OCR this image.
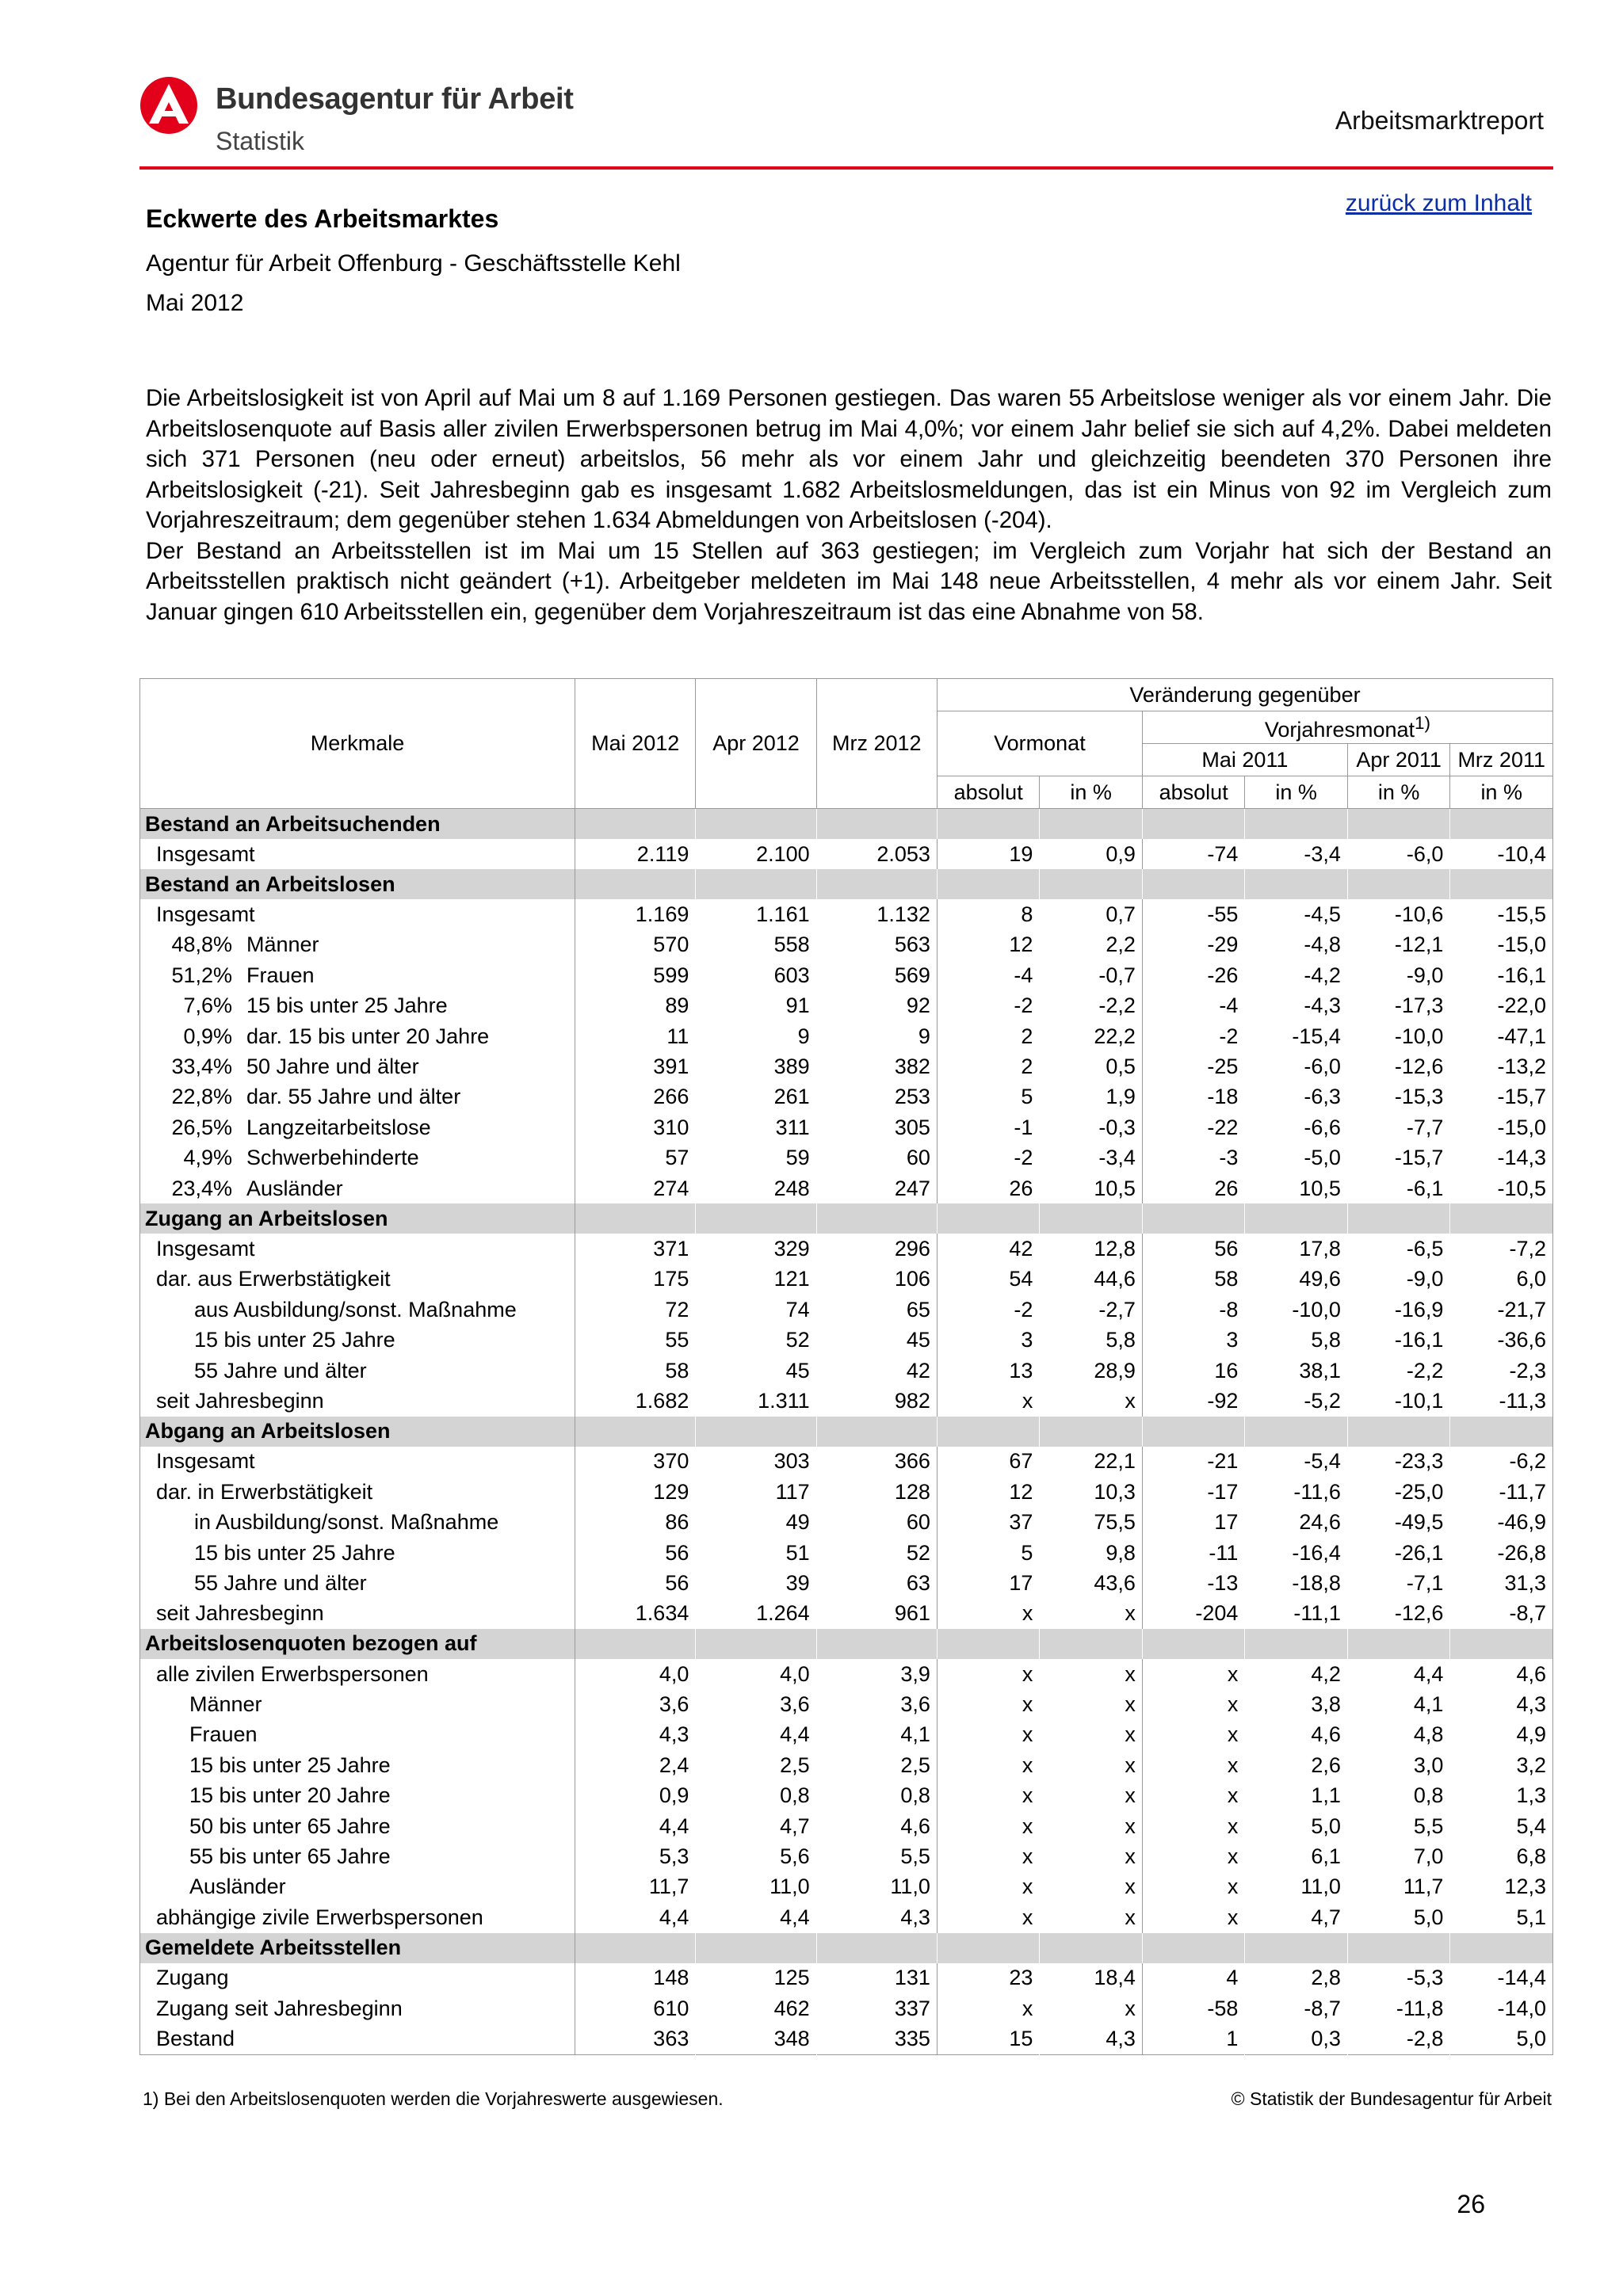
Bundesagentur für Arbeit
Statistik
Arbeitsmarktreport
zurück zum Inhalt
Eckwerte des Arbeitsmarktes
Agentur für Arbeit Offenburg - Geschäftsstelle Kehl
Mai 2012

Die Arbeitslosigkeit ist von April auf Mai um 8 auf 1.169 Personen gestiegen. Das waren 55 Arbeitslose weniger als vor einem Jahr. Die Arbeitslosenquote auf Basis aller zivilen Erwerbspersonen betrug im Mai 4,0%; vor einem Jahr belief sie sich auf 4,2%. Dabei meldeten sich 371 Personen (neu oder erneut) arbeitslos, 56 mehr als vor einem Jahr und gleichzeitig beendeten 370 Personen ihre Arbeitslosigkeit (-21). Seit Jahresbeginn gab es insgesamt 1.682 Arbeitslosmeldungen, das ist ein Minus von 92 im Vergleich zum Vorjahreszeitraum; dem gegenüber stehen 1.634 Abmeldungen von Arbeitslosen (-204).

Der Bestand an Arbeitsstellen ist im Mai um 15 Stellen auf 363 gestiegen; im Vergleich zum Vorjahr hat sich der Bestand an Arbeitsstellen praktisch nicht geändert (+1). Arbeitgeber meldeten im Mai 148 neue Arbeitsstellen, 4 mehr als vor einem Jahr. Seit Januar gingen 610 Arbeitsstellen ein, gegenüber dem Vorjahreszeitraum ist das eine Abnahme von 58.

Merkmale	Mai 2012	Apr 2012	Mrz 2012	Veränderung gegenüber					
				Vormonat		Vorjahresmonat$^{1)}$
						Mai 2011		Apr 2011	Mrz 2011
				absolut	in %	absolut	in %	in %	in %
Bestand an Arbeitsuchenden									
Insgesamt	2.119	2.100	2.053	19	0,9	-74	-3,4	-6,0	-10,4
Bestand an Arbeitslosen									
Insgesamt	1.169	1.161	1.132	8	0,7	-55	-4,5	-10,6	-15,5
48,8% Männer	570	558	563	12	2,2	-29	-4,8	-12,1	-15,0
51,2% Frauen	599	603	569	-4	-0,7	-26	-4,2	-9,0	-16,1
7,6% 15 bis unter 25 Jahre	89	91	92	-2	-2,2	-4	-4,3	-17,3	-22,0
0,9% dar. 15 bis unter 20 Jahre	11	9	9	2	22,2	-2	-15,4	-10,0	-47,1
33,4% 50 Jahre und älter	391	389	382	2	0,5	-25	-6,0	-12,6	-13,2
22,8% dar. 55 Jahre und älter	266	261	253	5	1,9	-18	-6,3	-15,3	-15,7
26,5% Langzeitarbeitslose	310	311	305	-1	-0,3	-22	-6,6	-7,7	-15,0
4,9% Schwerbehinderte	57	59	60	-2	-3,4	-3	-5,0	-15,7	-14,3
23,4% Ausländer	274	248	247	26	10,5	26	10,5	-6,1	-10,5
Zugang an Arbeitslosen									
Insgesamt	371	329	296	42	12,8	56	17,8	-6,5	-7,2
dar. aus Erwerbstätigkeit	175	121	106	54	44,6	58	49,6	-9,0	6,0
aus Ausbildung/sonst. Maßnahme	72	74	65	-2	-2,7	-8	-10,0	-16,9	-21,7
15 bis unter 25 Jahre	55	52	45	3	5,8	3	5,8	-16,1	-36,6
55 Jahre und älter	58	45	42	13	28,9	16	38,1	-2,2	-2,3
seit Jahresbeginn	1.682	1.311	982	x	x	-92	-5,2	-10,1	-11,3
Abgang an Arbeitslosen									
Insgesamt	370	303	366	67	22,1	-21	-5,4	-23,3	-6,2
dar. in Erwerbstätigkeit	129	117	128	12	10,3	-17	-11,6	-25,0	-11,7
in Ausbildung/sonst. Maßnahme	86	49	60	37	75,5	17	24,6	-49,5	-46,9
15 bis unter 25 Jahre	56	51	52	5	9,8	-11	-16,4	-26,1	-26,8
55 Jahre und älter	56	39	63	17	43,6	-13	-18,8	-7,1	31,3
seit Jahresbeginn	1.634	1.264	961	x	x	-204	-11,1	-12,6	-8,7
Arbeitslosenquoten bezogen auf									
alle zivilen Erwerbspersonen	4,0	4,0	3,9	x	x	x	4,2	4,4	4,6
Männer	3,6	3,6	3,6	x	x	x	3,8	4,1	4,3
Frauen	4,3	4,4	4,1	x	x	x	4,6	4,8	4,9
15 bis unter 25 Jahre	2,4	2,5	2,5	x	x	x	2,6	3,0	3,2
15 bis unter 20 Jahre	0,9	0,8	0,8	x	x	x	1,1	0,8	1,3
50 bis unter 65 Jahre	4,4	4,7	4,6	x	x	x	5,0	5,5	5,4
55 bis unter 65 Jahre	5,3	5,6	5,5	x	x	x	6,1	7,0	6,8
Ausländer	11,7	11,0	11,0	x	x	x	11,0	11,7	12,3
abhängige zivile Erwerbspersonen	4,4	4,4	4,3	x	x	x	4,7	5,0	5,1
Gemeldete Arbeitsstellen									
Zugang	148	125	131	23	18,4	4	2,8	-5,3	-14,4
Zugang seit Jahresbeginn	610	462	337	x	x	-58	-8,7	-11,8	-14,0
Bestand	363	348	335	15	4,3	1	0,3	-2,8	5,0
1) Bei den Arbeitslosenquoten werden die Vorjahreswerte ausgewiesen.	© Statistik der Bundesagentur für Arbeit
26
